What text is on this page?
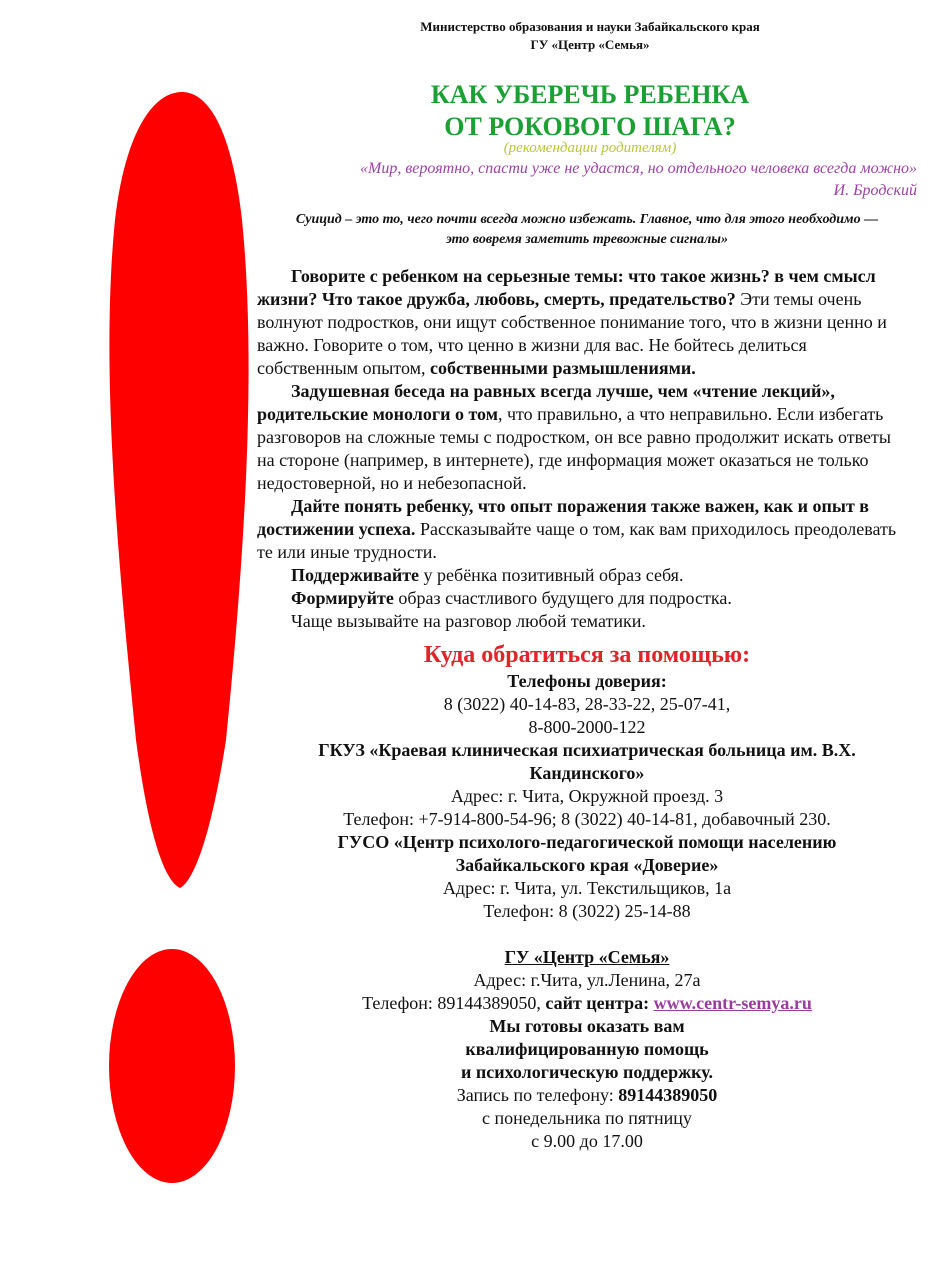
Министерство образования и науки Забайкальского края
ГУ «Центр «Семья»
КАК УБЕРЕЧЬ РЕБЕНКА
ОТ РОКОВОГО ШАГА?
(рекомендации родителям)
«Мир, вероятно, спасти уже не удастся, но отдельного человека всегда можно»
И. Бродский
Суицид – это то, чего почти всегда можно избежать. Главное, что для этого необходимо —
это вовремя заметить тревожные сигналы»

Говорите с ребенком на серьезные темы: что такое жизнь? в чем смысл жизни? Что такое дружба, любовь, смерть, предательство? Эти темы очень волнуют подростков, они ищут собственное понимание того, что в жизни ценно и важно. Говорите о том, что ценно в жизни для вас. Не бойтесь делиться собственным опытом, собственными размышлениями.

Задушевная беседа на равных всегда лучше, чем «чтение лекций», родительские монологи о том, что правильно, а что неправильно. Если избегать разговоров на сложные темы с подростком, он все равно продолжит искать ответы на стороне (например, в интернете), где информация может оказаться не только недостоверной, но и небезопасной.

Дайте понять ребенку, что опыт поражения также важен, как и опыт в достижении успеха. Рассказывайте чаще о том, как вам приходилось преодолевать те или иные трудности.

Поддерживайте у ребёнка позитивный образ себя.

Формируйте образ счастливого будущего для подростка.

Чаще вызывайте на разговор любой тематики.

Куда обратиться за помощью:
Телефоны доверия:
8 (3022) 40-14-83, 28-33-22, 25-07-41,
8-800-2000-122
ГКУЗ «Краевая клиническая психиатрическая больница им. В.Х.
Кандинского»
Адрес: г. Чита, Окружной проезд. 3
Телефон: +7-914-800-54-96; 8 (3022) 40-14-81, добавочный 230.
ГУСО «Центр психолого-педагогической помощи населению
Забайкальского края «Доверие»
Адрес: г. Чита, ул. Текстильщиков, 1а
Телефон: 8 (3022) 25-14-88
ГУ «Центр «Семья»
Адрес: г.Чита, ул.Ленина, 27а
Телефон: 89144389050, сайт центра: www.centr-semya.ru
Мы готовы оказать вам
квалифицированную помощь
и психологическую поддержку.
Запись по телефону: 89144389050
с понедельника по пятницу
с 9.00 до 17.00
